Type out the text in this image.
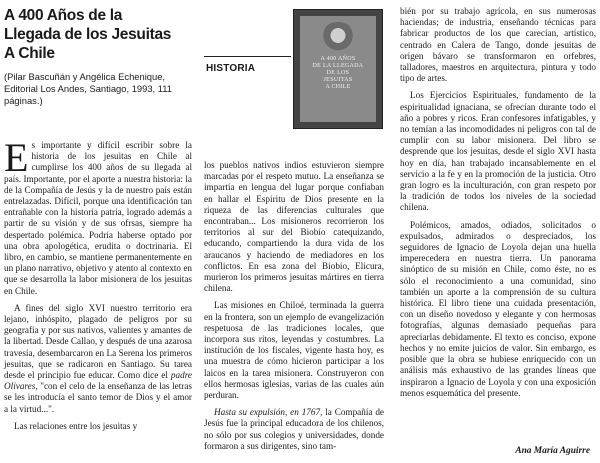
A 400 Años de la
Llegada de los Jesuitas
A Chile

(Pilar Bascuñán y Angélica Echenique, Editorial Los Andes, Santiago, 1993, 111 páginas.)

HISTORIA
A 400 AÑOS
DE LA LLEGADA
DE LOS
JESUITAS
A CHILE

Es importante y difícil escribir sobre la historia de los jesuitas en Chile al cumplirse los 400 años de su llegada al país. Importante, por el aporte a nuestra historia: la de la Compañía de Jesús y la de nuestro país están entrelazadas. Difícil, porque una identificación tan entrañable con la historia patria, logrado además a partir de su visión y de sus ofrsas, siempre ha despertado polémica. Podría haberse optado por una obra apologética, erudita o doctrinaria. El libro, en cambio, se mantiene permanentemente en un plano narrativo, objetivo y atento al contexto en que se desarrolla la labor misionera de los jesuitas en Chile.

A fines del siglo XVI nuestro territorio era lejano, inhóspito, plagado de peligros por su geografía y por sus nativos, valientes y amantes de la libertad. Desde Callao, y después de una azarosa travesía, desembarcaron en La Serena los primeros jesuitas, que se radicaron en Santiago. Su tarea desde el principio fue educar. Como dice el padre Olivares, "con el celo de la enseñanza de las letras se les introducía el santo temor de Dios y el amor a la virtud...".

Las relaciones entre los jesuitas y

los pueblos nativos indios estuvieron siempre marcadas por el respeto mutuo. La enseñanza se impartía en lengua del lugar porque confiaban en hallar el Espíritu de Dios presente en la riqueza de las diferencias culturales que encontraban... Los misioneros recorrieron los territorios al sur del Biobío catequizando, educando, compartiendo la dura vida de los araucanos y haciendo de mediadores en los conflictos. En esa zona del Biobío, Elicura, murieron los primeros jesuitas mártires en tierra chilena.

Las misiones en Chiloé, terminada la guerra en la frontera, son un ejemplo de evangelización respetuosa de las tradiciones locales, que incorpora sus ritos, leyendas y costumbres. La institución de los fiscales, vigente hasta hoy, es una muestra de cómo hicieron participar a los laicos en la tarea misionera. Construyeron con ellos hermosas iglesias, varias de las cuales aún perduran.

Hasta su expulsión, en 1767, la Compañía de Jesús fue la principal educadora de los chilenos, no sólo por sus colegios y universidades, donde formaron a sus dirigentes, sino tam-

bién por su trabajo agrícola, en sus numerosas haciendas; de industria, enseñando técnicas para fabricar productos de los que carecían, artístico, centrado en Calera de Tango, donde jesuitas de origen bávaro se transformaron en orfebres, talladores, maestros en arquitectura, pintura y todo tipo de artes.

Los Ejercicios Espirituales, fundamento de la espiritualidad ignaciana, se ofrecían durante todo el año a pobres y ricos. Eran confesores infatigables, y no temían a las incomodidades ni peligros con tal de cumplir con su labor misionera. Del libro se desprende que los jesuitas, desde el siglo XVI hasta hoy en día, han trabajado incansablemente en el servicio a la fe y en la promoción de la justicia. Otro gran logro es la inculturación, con gran respeto por la tradición de todos los niveles de la sociedad chilena.

Polémicos, amados, odiados, solicitados o expulsados, admirados o despreciados, los seguidores de Ignacio de Loyola dejan una huella imperecedera en nuestra tierra. Un panorama sinóptico de su misión en Chile, como éste, no es sólo el reconocimiento a una comunidad, sino también un aporte a la comprensión de su cultura histórica. El libro tiene una cuidada presentación, con un diseño novedoso y elegante y con hermosas fotografías, algunas demasiado pequeñas para apreciarlas debidamente. El texto es conciso, expone hechos y no emite juicios de valor. Sin embargo, es posible que la obra se hubiese enriquecido con un análisis más exhaustivo de las grandes líneas que inspiraron a Ignacio de Loyola y con una exposición menos esquemática del presente.

Ana María Aguirre
